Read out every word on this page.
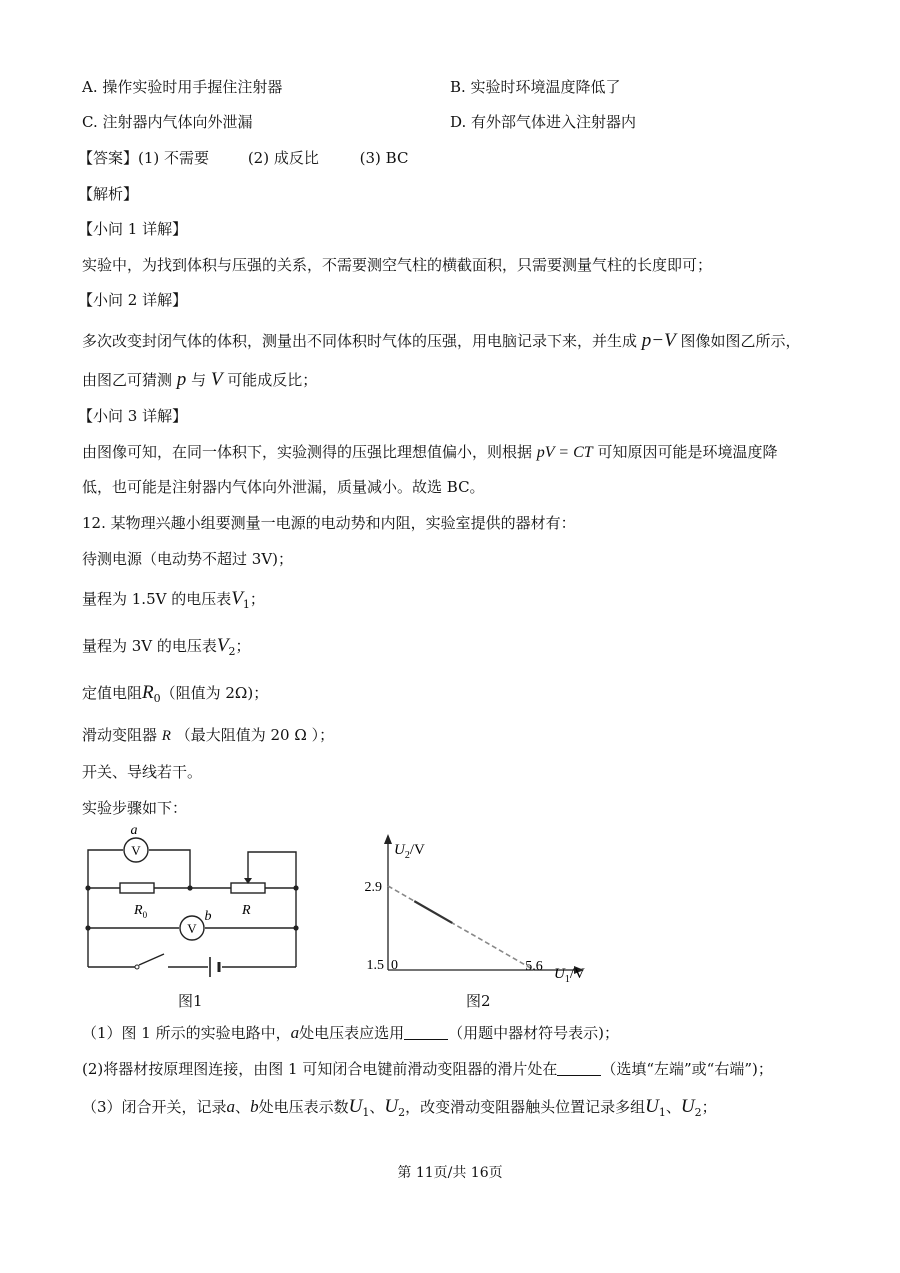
A. 操作实验时用手握住注射器	B. 实验时环境温度降低了
C. 注射器内气体向外泄漏	D. 有外部气体进入注射器内
【答案】(1) 不需要	(2) 成反比	(3) BC
【解析】
【小问 1 详解】
实验中，为找到体积与压强的关系，不需要测空气柱的横截面积，只需要测量气柱的长度即可；
【小问 2 详解】
多次改变封闭气体的体积，测量出不同体积时气体的压强，用电脑记录下来，并生成 p−V 图像如图乙所示，
由图乙可猜测 p 与 V 可能成反比；
【小问 3 详解】
由图像可知，在同一体积下，实验测得的压强比理想值偏小，则根据 pV = CT 可知原因可能是环境温度降
低，也可能是注射器内气体向外泄漏，质量减小。故选 BC。
12. 某物理兴趣小组要测量一电源的电动势和内阻，实验室提供的器材有：
待测电源（电动势不超过 3V)；
量程为 1.5V 的电压表$V_1$；
量程为 3V 的电压表$V_2$；
定值电阻$R_0$（阻值为 2Ω)；
滑动变阻器 R （最大阻值为 20 Ω ）；
开关、导线若干。
实验步骤如下：
V
a
V
b
$R_0$	R
图1
$U_2/V$
2.9
1.5 0	5.6 $U_1/V$
图2
（1）图 1 所示的实验电路中，a处电压表应选用	（用题中器材符号表示)；
(2)将器材按原理图连接，由图 1 可知闭合电键前滑动变阻器的滑片处在	（选填“左端”或“右端”)；
（3）闭合开关，记录a、b处电压表示数$U_1$、$U_2$，改变滑动变阻器触头位置记录多组$U_1$、$U_2$；
第 11页/共 16页
